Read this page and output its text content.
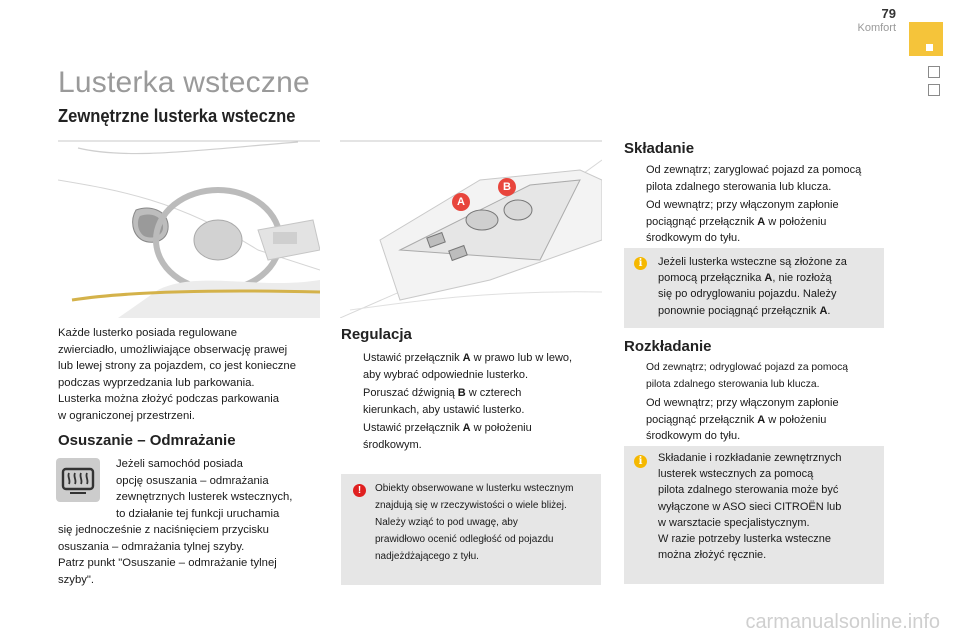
79
Komfort
Lusterka wsteczne
Zewnętrzne lusterka wsteczne
A
B
Każde lusterko posiada regulowane
zwierciadło, umożliwiające obserwację prawej
lub lewej strony za pojazdem, co jest konieczne
podczas wyprzedzania lub parkowania.
Lusterka można złożyć podczas parkowania
w ograniczonej przestrzeni.
Osuszanie – Odmrażanie
Jeżeli samochód posiada
opcję osuszania – odmrażania
zewnętrznych lusterek wstecznych,
to działanie tej funkcji uruchamia
się jednocześnie z naciśnięciem przycisku
osuszania – odmrażania tylnej szyby.
Patrz punkt "Osuszanie – odmrażanie tylnej
szyby".
Regulacja
Ustawić przełącznik A w prawo lub w lewo,
aby wybrać odpowiednie lusterko.
Poruszać dźwignią B w czterech
kierunkach, aby ustawić lusterko.
Ustawić przełącznik A w położeniu
środkowym.
!	Obiekty obserwowane w lusterku wstecznym
znajdują się w rzeczywistości o wiele bliżej.
Należy wziąć to pod uwagę, aby
prawidłowo ocenić odległość od pojazdu
nadjeżdżającego z tyłu.
Składanie
Od zewnątrz; zaryglować pojazd za pomocą
pilota zdalnego sterowania lub klucza.
Od wewnątrz; przy włączonym zapłonie
pociągnąć przełącznik A w położeniu
środkowym do tyłu.
i	Jeżeli lusterka wsteczne są złożone za
pomocą przełącznika A, nie rozłożą
się po odryglowaniu pojazdu. Należy
ponownie pociągnąć przełącznik A.
Rozkładanie
Od zewnątrz; odryglować pojazd za pomocą
pilota zdalnego sterowania lub klucza.
Od wewnątrz; przy włączonym zapłonie
pociągnąć przełącznik A w położeniu
środkowym do tyłu.
i	Składanie i rozkładanie zewnętrznych
lusterek wstecznych za pomocą
pilota zdalnego sterowania może być
wyłączone w ASO sieci CITROËN lub
w warsztacie specjalistycznym.
W razie potrzeby lusterka wsteczne
można złożyć ręcznie.
carmanualsonline.info
